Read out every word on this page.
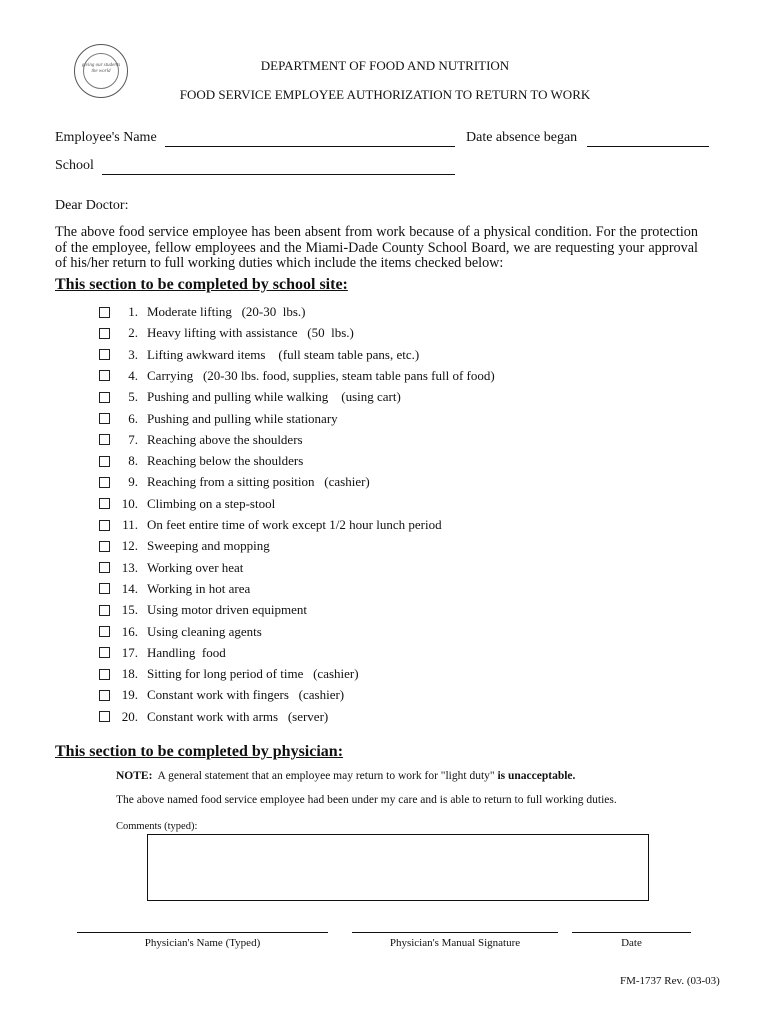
giving our students
the world	DEPARTMENT OF FOOD AND NUTRITION
FOOD SERVICE EMPLOYEE AUTHORIZATION TO RETURN TO WORK
Employee's Name	Date absence began
School
Dear Doctor:
The above food service employee has been absent from work because of a physical condition. For the protection of the employee, fellow employees and the Miami-Dade County School Board, we are requesting your approval of his/her return to full working duties which include the items checked below:
This section to be completed by school site:
1. Moderate lifting   (20-30  lbs.)
2. Heavy lifting with assistance   (50  lbs.)
3. Lifting awkward items    (full steam table pans, etc.)
4. Carrying   (20-30 lbs. food, supplies, steam table pans full of food)
5. Pushing and pulling while walking    (using cart)
6. Pushing and pulling while stationary
7. Reaching above the shoulders
8. Reaching below the shoulders
9. Reaching from a sitting position   (cashier)
10. Climbing on a step-stool
11. On feet entire time of work except 1/2 hour lunch period
12. Sweeping and mopping
13. Working over heat
14. Working in hot area
15. Using motor driven equipment
16. Using cleaning agents
17. Handling  food
18. Sitting for long period of time   (cashier)
19. Constant work with fingers   (cashier)
20. Constant work with arms   (server)
This section to be completed by physician:
NOTE: A general statement that an employee may return to work for "light duty" is unacceptable.
The above named food service employee had been under my care and is able to return to full working duties.
Comments (typed):
Physician's Name (Typed)	Physician's Manual Signature	Date
FM-1737 Rev. (03-03)
